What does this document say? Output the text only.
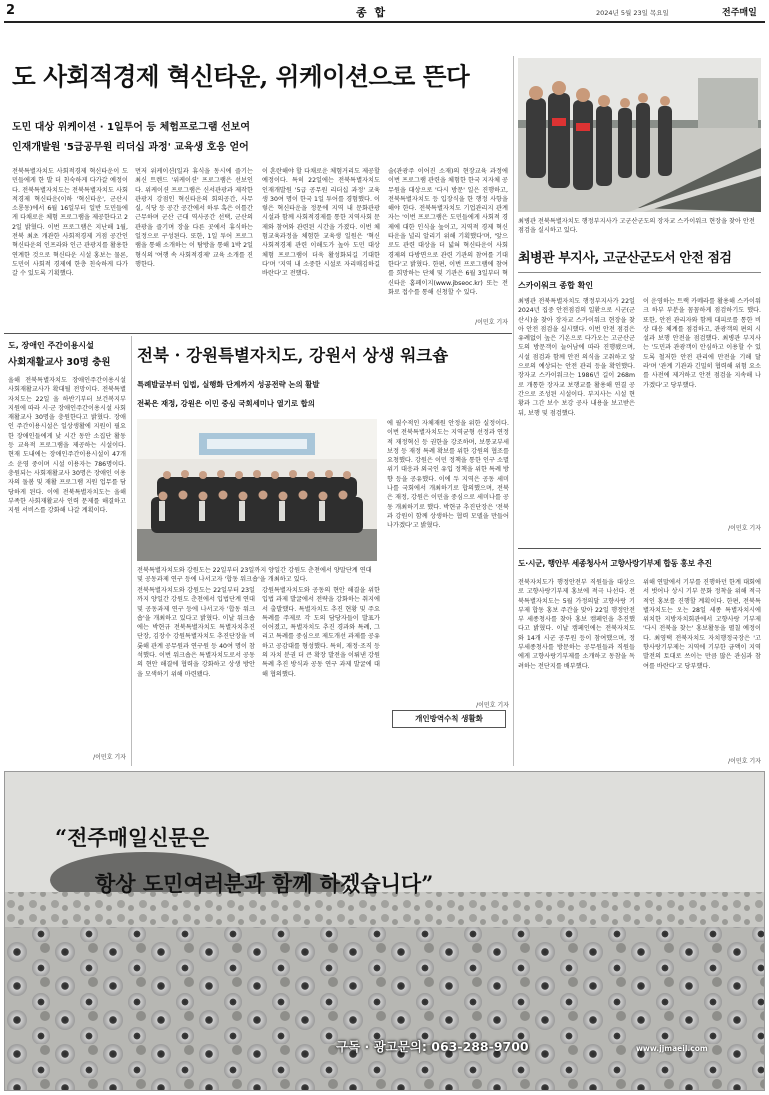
2	종 합	2024년 5월 23일 목요일	전주매일
도 사회적경제 혁신타운, 위케이션으로 뜬다
도민 대상 위케이션 · 1일투어 등 체험프로그램 선보여
인재개발원 '5급공무원 리더십 과정' 교육생 호응 얻어
전북특별자치도 사회적경제 혁신타운이 도민들에게 한 발 더 친숙하게 다가갈 예정이다. 전북특별자치도는 전북특별자치도 사회적경제 혁신타운(이하 '혁신타운', 군산시 소룡동)에서 6월 16일부터 일반 도민들에게 다채로운 체험 프로그램을 제공한다고 22일 밝혔다. 이번 프로그램은 지난해 1월, 전북 최초 개관한 사회적경제 거점 공간인 혁신타운의 인프라와 인근 관광지를 활용한 연계한 것으로 혁신타운 시설 홍보는 물론, 도민이 사회적 경제에 한층 친숙하게 다가갈 수 있도록 기획했다.
먼저 위케이션(일과 휴식을 동시에 즐기는 최신 트렌드 '위케이션' 프로그램은 선보인다. 위케이션 프로그램은 신서관광과 제작한 관광지 강점인 혁신타운의 회의공간, 사무실, 식당 등 공간 공간에서 하루 혹은 이틀간 근무하며 군산 근대 역사공간 선택, 군산의 관광을 즐기며 장을 다른 곳에서 휴식하는 일정으로 구성된다. 또한, 1일 투어 프로그램을 통해 소개하는 이 탐방을 통해 1박 2일 형식의 '여행 속 사회적경제' 교육 소개를 진행한다.
이 혼란해야 할 다채로운 체험거리도 제공할 예정이다. 특히 22일에는 전북특별자치도 인재개발원 '5급 공무원 리더십 과정' 교육생 30여 명이 한국 1일 투어를 경험했다. 이렇은 혁신타운을 정문에 지역 내 문화관광 시설과 함께 사회적경제를 통한 지역사회 문제와 참여와 관련된 시간을 가졌다. 이번 체험교육과정을 체험한 교육생 일원은 '혁신 사회적경제 관련 이해도가 높아 도민 대상 체험 프로그램이 더욱 활성화되길 기대한다'며 '지역 내 소중한 시설로 자리매김하길 바란다'고 전했다.
술(관광주 이어진 소재)의 현장교육 과정에 이번 프로그램 관련을 체험한 한국 지자체 공무원을 대상으로 '다시 방문' 일은 진행하고, 전북특별자치도 등 입장식을 한 행정 사항을 해야 한다. 전북특별자치도 기업관리지 관계자는 '이번 프로그램은 도민들에게 사회적 경제에 대한 인식을 높이고, 지역적 경제 혁신타운을 널리 알리기 위해 기획했다'며, '앞으로도 관련 대상을 더 넓혀 혁신타운이 사회 경제의 다방면으로 관련 기관의 참여를 기대한다'고 밝혔다. 한편, 이번 프로그램에 참여를 희망하는 단체 및 기관은 6월 3일부터 혁신타운 홈페이지(www.jbseoc.kr) 또는 전화로 접수를 통해 신청할 수 있다.
/이민호 기자
최병관 전북특별자치도 행정부지사가 고군산군도의 장자교 스카이워크 현장을 찾아 안전 점검을 실시하고 있다.
최병관 부지사, 고군산군도서 안전 점검
스카이워크 종합 확인
최병관 전북특별자치도 행정부지사가 22일 2024년 집중 안전점검의 일환으로 시군(군산시)을 찾아 장자교 스카이워크 현장을 찾아 안전 점검을 실시했다. 이번 안전 점검은 유례없이 높은 기온으로 다가오는 고군산군도의 방문객이 늘어남에 따라 진행됐으며, 시설 점검과 함께 안전 의식을 고취하고 앞으로의 예상되는 안전 관리 등을 확인했다. 장자교 스카이워크는 1986년 길이 268m로 개통한 장자교 보행교를 활용해 연결 공간으로 조성된 시설이다. 부지사는 시설 현황과 그간 보수 보강 공사 내용을 보고받은 뒤, 보행 및 점검했다.
이 운영하는 트랙 카메라를 활용해 스카이워크 하부 부분을 꼼꼼하게 점검하기도 했다. 또한, 안전 관리자와 함께 대피로를 통한 비상 대응 체계를 점검하고, 관광객의 편의 시설과 보행 안전을 점검했다. 최병관 부지사는 '도민과 관광객이 안심하고 이용할 수 있도록 철저한 안전 관리에 만전을 기해 달라'며 '관계 기관과 긴밀히 협력해 위험 요소를 사전에 제거하고 안전 점검을 지속해 나가겠다'고 당부했다.
/이민호 기자
도, 장애인 주간이용시설
사회재활교사 30명 충원
올해 전북특별자치도 장애인주간이용시설 사회재활교사가 확대될 전망이다. 전북특별자치도는 22일 올 하반기부터 보건복지부 지원에 따라 시·군 장애인주간이용시설 사회재활교사 30명을 충원한다고 밝혔다. 장애인 주간이용시설은 일상생활에 지원이 필요한 장애인들에게 낮 시간 동안 소집단 활동 등 교육적 프로그램을 제공하는 시설이다. 현재 도내에는 장애인주간이용시설이 47개소 운영 중이며 시설 이용자는 786명이다. 충원되는 사회재활교사 30명은 장애인 이용자의 돌봄 및 재활 프로그램 지원 업무를 담당하게 된다. 이에 전북특별자치도는 올해 부족한 사회재활교사 인력 문제를 해결하고 지원 서비스를 강화해 나갈 계획이다.
/이민호 기자
전북 · 강원특별자치도, 강원서 상생 워크숍
특례발굴부터 입법, 실행화 단계까지 성공전략 논의 활발
전북은 재정, 강원은 이민 중심 국회세미나 열기로 합의
전북특별자치도와 강원도는 22일부터 23일까지 양일간 강원도 춘천에서 양말단계 연대 및 공동과제 연구 등에 나서고자 '합동 워크숍'을 개최하고 있다.
전북특별자치도와 강원도는 22일부터 23일까지 양일간 강원도 춘천에서 입법단계 연대 및 공동과제 연구 등에 나서고자 '합동 워크숍'을 개최하고 있다고 밝혔다. 이날 워크숍에는 박현규 전북특별자치도 특별자치추진단장, 김장수 강원특별자치도 추진단장을 비롯해 관계 공무원과 연구원 등 40여 명이 참석했다. 이번 워크숍은 특별자치도로서 공동의 현안 해결에 협력을 강화하고 상생 방안을 모색하기 위해 마련됐다.
강원특별자치도와 공동의 현안 해결을 위한 입법 과제 발굴에서 전략을 강화하는 취지에서 출발했다. 특별자치도 추진 현황 및 주요 특례를 주제로 각 도의 담당자들이 발표가 이어졌고, 특별자치도 추진 경과와 특례, 그리고 특례를 중심으로 제도개선 과제를 공유하고 공감대를 형성했다. 특히, 재정·조직 등의 자치 분권 더 큰 확장 발전을 이뤄낸 강원 특례 추진 방식과 공동 연구 과제 발굴에 대해 협의했다.
에 필수적인 자체재원 안정을 위한 실정이다. 이번 전북특별자치도는 지역균형 선정과 연정적 재정혁신 등 권한을 강조하며, 보통교부세 보정 등 재정 특례 확보를 위한 강원의 협조를 요청했다. 강원은 이민 정책을 통한 인구 소멸 위기 대응과 외국인 유입 정책을 위한 특례 방향 등을 공유했다. 이에 두 지역은 공동 세미나를 국회에서 개최하기로 합의했으며, 전북은 재정, 강원은 이민을 중심으로 세미나를 공동 개최하기로 했다. 박현규 추진단장은 '전북과 강원이 함께 상생하는 협력 모델을 만들어 나가겠다'고 밝혔다.
/이민호 기자
개인방역수칙 생활화
도·시군, 행안부 세종청사서 고향사랑기부제 합동 홍보 추진
전북자치도가 행정안전부 직원들을 대상으로 고향사랑기부제 홍보에 적극 나선다. 전북특별자치도는 5월 가정의달 고향사랑 기부제 합동 홍보 주간을 맞아 22일 행정안전부 세종청사를 찾아 홍보 캠페인을 추진했다고 밝혔다. 이날 캠페인에는 전북자치도와 14개 시군 공무원 등이 참여했으며, 정부세종청사를 방문하는 공무원들과 직원들에게 고향사랑기부제를 소개하고 동참을 독려하는 전단지를 배부했다.
위해 연말에서 기부를 진행하던 한계 대회에서 벗어나 상시 기부 문화 정착을 위해 적극적인 홍보를 진행할 계획이다. 한편, 전북특별자치도는 오는 28일 세종 특별자치시에 위치한 지방자치회관에서 고향사랑 기부제 '다시 전북을 찾는' 홍보활동을 펼칠 예정이다. 최영택 전북자치도 자치행정국장은 '고향사랑기부제는 지역에 기부한 금액이 지역 발전의 토대로 쓰이는 만큼 많은 관심과 참여를 바란다'고 당부했다.
/이민호 기자
“전주매일신문은
항상 도민여러분과 함께 하겠습니다”
구독 · 광고문의: 063-288-9700	www.jjmaeil.com
